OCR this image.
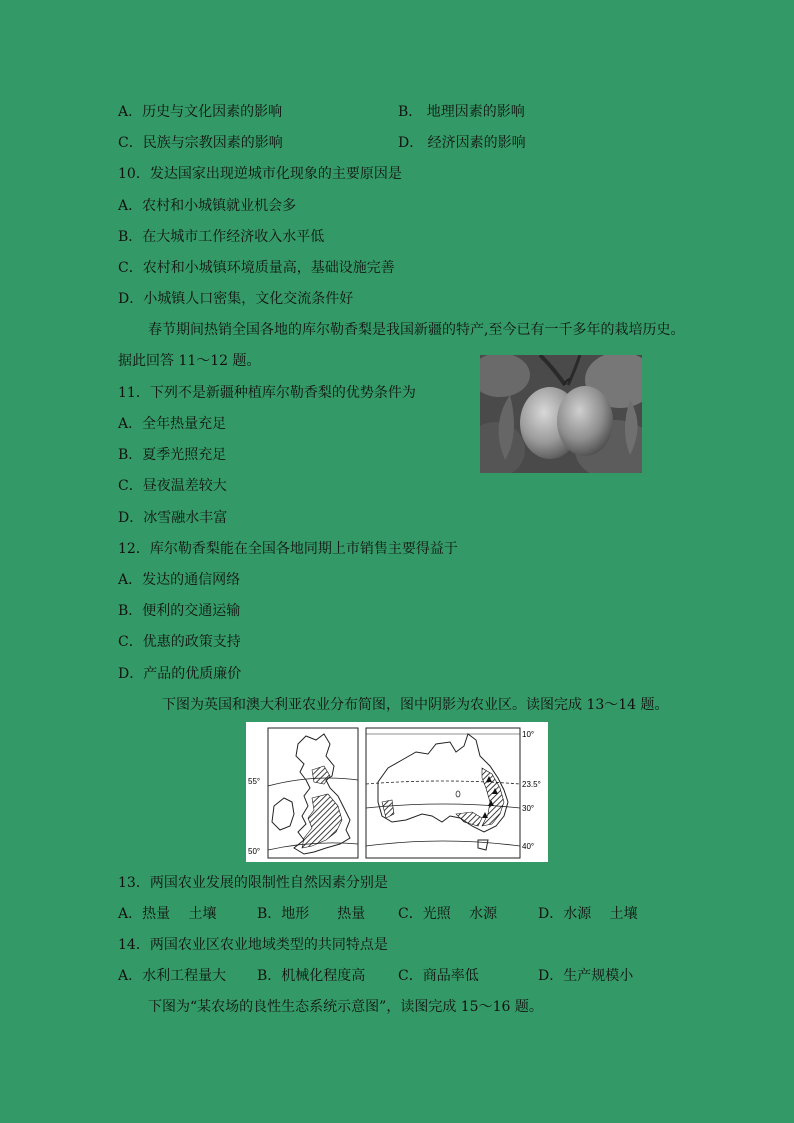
A．历史与文化因素的影响	B． 地理因素的影响
C．民族与宗教因素的影响	D． 经济因素的影响
10．发达国家出现逆城市化现象的主要原因是
A．农村和小城镇就业机会多
B．在大城市工作经济收入水平低
C．农村和小城镇环境质量高，基础设施完善
D．小城镇人口密集，文化交流条件好
春节期间热销全国各地的库尔勒香梨是我国新疆的特产,至今已有一千多年的栽培历史。
据此回答 11～12 题。
11．下列不是新疆种植库尔勒香梨的优势条件为
A．全年热量充足
B．夏季光照充足
C．昼夜温差较大
D．冰雪融水丰富
12．库尔勒香梨能在全国各地同期上市销售主要得益于
A．发达的通信网络
B．便利的交通运输
C．优惠的政策支持
D．产品的优质廉价
下图为英国和澳大利亚农业分布简图，图中阴影为农业区。读图完成 13～14 题。
55°
50°
10°
23.5°
30°
40°
13．两国农业发展的限制性自然因素分别是
A．热量　 土壤	B．地形　　热量 C．光照　 水源	D．水源　 土壤
14．两国农业区农业地域类型的共同特点是
A．水利工程量大 B．机械化程度高 C．商品率低	D．生产规模小
下图为“某农场的良性生态系统示意图”，读图完成 15～16 题。
